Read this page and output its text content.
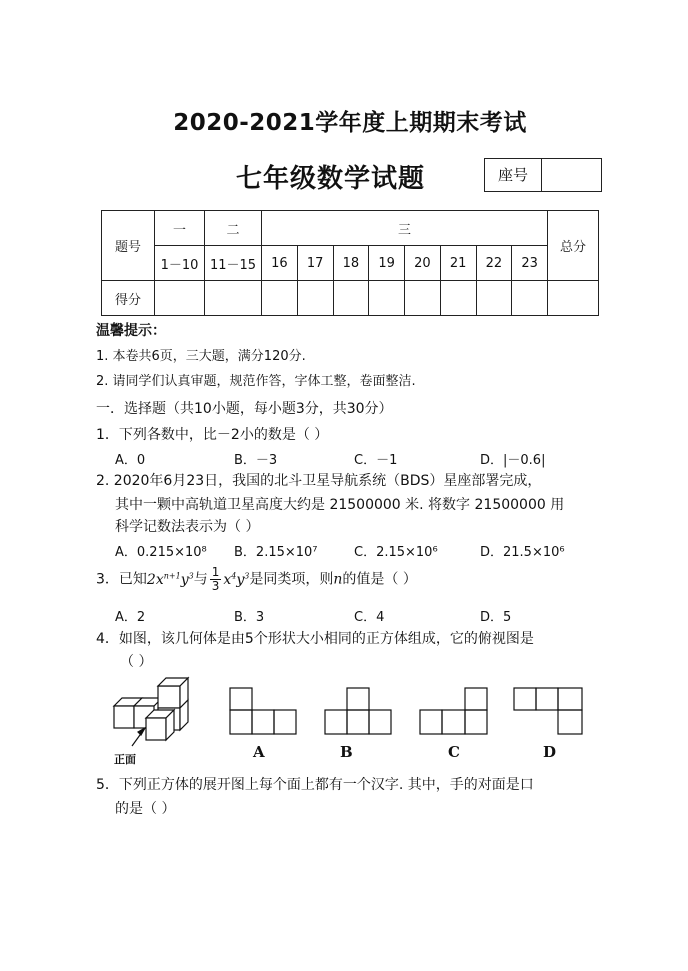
2020-2021学年度上期期末考试
七年级数学试题	座号
题号	一	二	三								总分
	1－10	11－15	16	17	18	19	20	21	22	23	
得分											
温馨提示：
1. 本卷共6页，三大题，满分120分.
2. 请同学们认真审题，规范作答，字体工整，卷面整洁.
一．选择题（共10小题，每小题3分，共30分）
1．下列各数中，比－2小的数是（ ）
A．0	B．－3	C．－1	D．|－0.6|
2. 2020年6月23日，我国的北斗卫星导航系统（BDS）星座部署完成，
其中一颗中高轨道卫星高度大约是 21500000 米. 将数字 21500000 用
科学记数法表示为（ ）
A．0.215×10⁸ B．2.15×10⁷	C．2.15×10⁶	D．21.5×10⁶
3．已知$2x^{n+1}y^3$与 $\frac{1}{3} x^4y^3$是同类项，则n的值是（ ）
A．2	B．3	C．4	D．5
4．如图，该几何体是由5个形状大小相同的正方体组成，它的俯视图是
（ ）
正面	A	B	C	D
5．下列正方体的展开图上每个面上都有一个汉字. 其中，手的对面是口
的是（ ）
